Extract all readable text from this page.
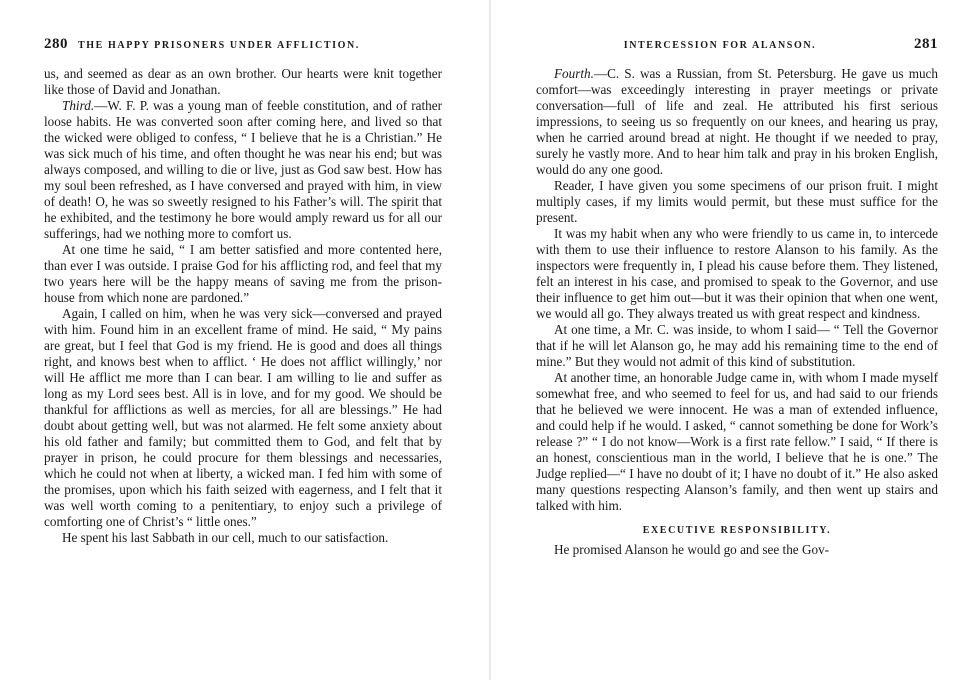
280 THE HAPPY PRISONERS UNDER AFFLICTION.

us, and seemed as dear as an own brother. Our hearts were knit together like those of David and Jonathan.

Third.—W. F. P. was a young man of feeble constitution, and of rather loose habits. He was converted soon after coming here, and lived so that the wicked were obliged to confess, “ I believe that he is a Christian.” He was sick much of his time, and often thought he was near his end; but was always composed, and willing to die or live, just as God saw best. How has my soul been refreshed, as I have conversed and prayed with him, in view of death! O, he was so sweetly resigned to his Father’s will. The spirit that he exhibited, and the testimony he bore would amply reward us for all our sufferings, had we nothing more to comfort us.

At one time he said, “ I am better satisfied and more contented here, than ever I was outside. I praise God for his afflicting rod, and feel that my two years here will be the happy means of saving me from the prison-house from which none are pardoned.”

Again, I called on him, when he was very sick—conversed and prayed with him. Found him in an excellent frame of mind. He said, “ My pains are great, but I feel that God is my friend. He is good and does all things right, and knows best when to afflict. ‘ He does not afflict willingly,’ nor will He afflict me more than I can bear. I am willing to lie and suffer as long as my Lord sees best. All is in love, and for my good. We should be thankful for afflictions as well as mercies, for all are blessings.” He had doubt about getting well, but was not alarmed. He felt some anxiety about his old father and family; but committed them to God, and felt that by prayer in prison, he could procure for them blessings and necessaries, which he could not when at liberty, a wicked man. I fed him with some of the promises, upon which his faith seized with eagerness, and I felt that it was well worth coming to a penitentiary, to enjoy such a privilege of comforting one of Christ’s “ little ones.”

He spent his last Sabbath in our cell, much to our satisfaction.

INTERCESSION FOR ALANSON.	281

Fourth.—C. S. was a Russian, from St. Petersburg. He gave us much comfort—was exceedingly interesting in prayer meetings or private conversation—full of life and zeal. He attributed his first serious impressions, to seeing us so frequently on our knees, and hearing us pray, when he carried around bread at night. He thought if we needed to pray, surely he vastly more. And to hear him talk and pray in his broken English, would do any one good.

Reader, I have given you some specimens of our prison fruit. I might multiply cases, if my limits would permit, but these must suffice for the present.

It was my habit when any who were friendly to us came in, to intercede with them to use their influence to restore Alanson to his family. As the inspectors were frequently in, I plead his cause before them. They listened, felt an interest in his case, and promised to speak to the Governor, and use their influence to get him out—but it was their opinion that when one went, we would all go. They always treated us with great respect and kindness.

At one time, a Mr. C. was inside, to whom I said— “ Tell the Governor that if he will let Alanson go, he may add his remaining time to the end of mine.” But they would not admit of this kind of substitution.

At another time, an honorable Judge came in, with whom I made myself somewhat free, and who seemed to feel for us, and had said to our friends that he believed we were innocent. He was a man of extended influence, and could help if he would. I asked, “ cannot something be done for Work’s release ?” “ I do not know—Work is a first rate fellow.” I said, “ If there is an honest, conscientious man in the world, I believe that he is one.” The Judge replied—“ I have no doubt of it; I have no doubt of it.” He also asked many questions respecting Alanson’s family, and then went up stairs and talked with him.

EXECUTIVE RESPONSIBILITY.

He promised Alanson he would go and see the Gov-
